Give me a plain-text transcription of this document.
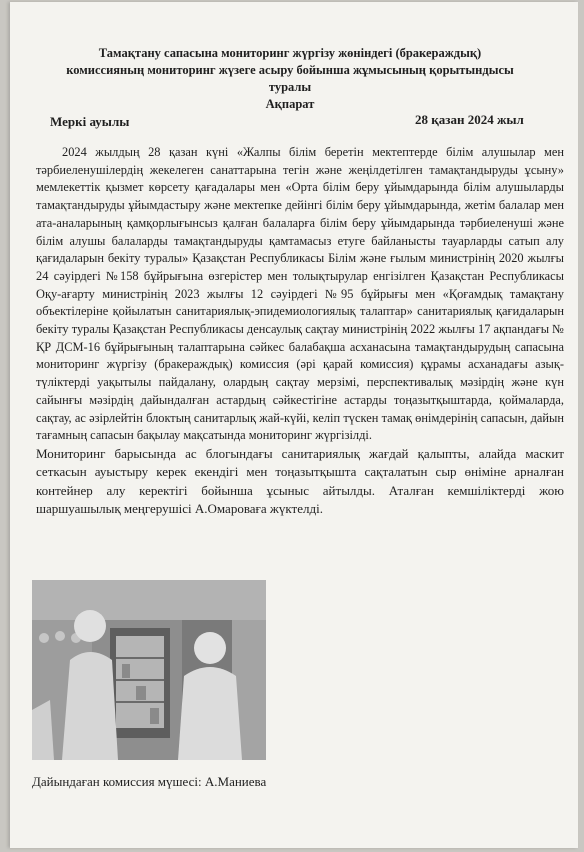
Тамақтану сапасына мониторинг жүргізу жөніндегі (бракераждық)
комиссияның мониторинг жүзеге асыру бойынша жұмысының қорытындысы
туралы
Ақпарат
Меркі ауылы	28 қазан 2024 жыл

2024 жылдың 28 қазан күні «Жалпы білім беретін мектептерде білім алушылар мен тәрбиеленушілердің жекелеген санаттарына тегін және жеңілдетілген тамақтандыруды ұсыну» мемлекеттік қызмет көрсету қағадалары мен «Орта білім беру ұйымдарында білім алушыларды тамақтандыруды ұйымдастыру және мектепке дейінгі білім беру ұйымдарында, жетім балалар мен ата-аналарының қамқорлығынсыз қалған балаларға білім беру ұйымдарында тәрбиеленуші және білім алушы балаларды тамақтандыруды қамтамасыз етуге байланысты тауарларды сатып алу қағидаларын бекіту туралы» Қазақстан Республикасы Білім және ғылым министрінің 2020 жылғы 24 сәуірдегі №158 бұйрығына өзгерістер мен толықтырулар енгізілген Қазақстан Республикасы Оқу-ағарту министрінің 2023 жылғы 12 сәуірдегі №95 бұйрығы мен «Қоғамдық тамақтану объектілеріне қойылатын санитариялық-эпидемиологиялық талаптар» санитариялық қағидаларын бекіту туралы Қазақстан Республикасы денсаулық сақтау министрінің 2022 жылғы 17 ақпандағы № ҚР ДСМ-16 бұйрығының талаптарына сәйкес балабақша асханасына тамақтандырудың сапасына мониторинг жүргізу (бракераждық) комиссия (әрі қарай комиссия) құрамы асханадағы азық-түліктерді уақытылы пайдалану, олардың сақтау мерзімі, перспективалық мәзірдің және күн сайынғы мәзірдің дайындалған астардың сәйкестігіне астарды тоңазытқыштарда, қоймаларда, сақтау, ас әзірлейтін блоктың санитарлық жай-күйі, келіп түскен тамақ өнімдерінің сапасын, дайын тағамның сапасын бақылау мақсатында мониторинг жүргізілді.

Мониторинг барысында ас блогындағы санитариялық жағдай қалыпты, алайда маскит сеткасын ауыстыру керек екендігі мен тоңазытқышта сақталатын сыр өніміне арналған контейнер алу керектігі бойынша ұсыныс айтылды. Аталған кемшіліктерді жою шаршуашылық меңгерушісі А.Омароваға жүктелді.

Дайындаған комиссия мүшесі: А.Маниева
